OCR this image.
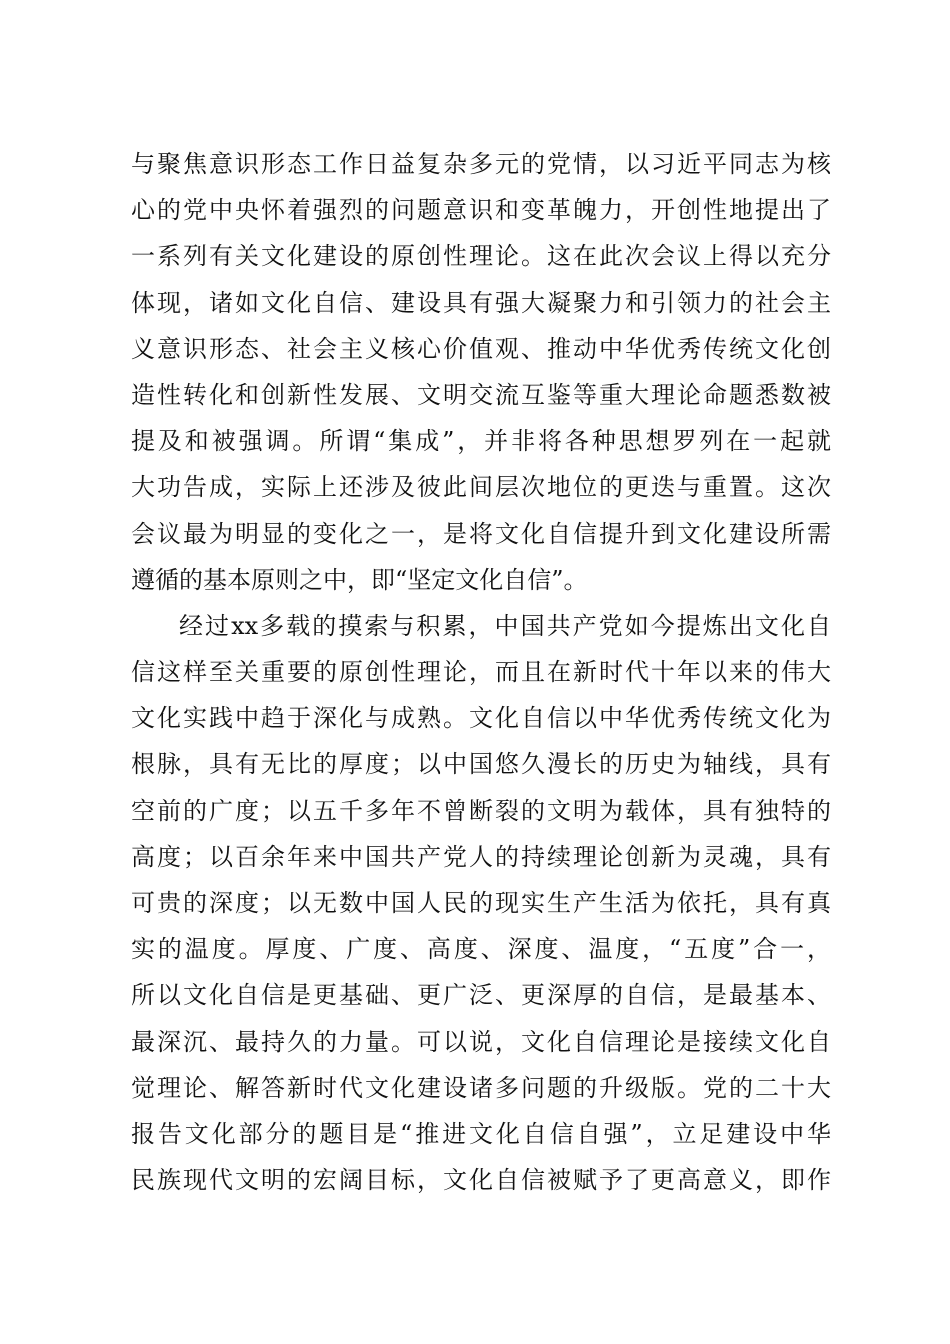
与聚焦意识形态工作日益复杂多元的党情，以习近平同志为核
心的党中央怀着强烈的问题意识和变革魄力，开创性地提出了
一系列有关文化建设的原创性理论。这在此次会议上得以充分
体现，诸如文化自信、建设具有强大凝聚力和引领力的社会主
义意识形态、社会主义核心价值观、推动中华优秀传统文化创
造性转化和创新性发展、文明交流互鉴等重大理论命题悉数被
提及和被强调。所谓“集成”，并非将各种思想罗列在一起就
大功告成，实际上还涉及彼此间层次地位的更迭与重置。这次
会议最为明显的变化之一，是将文化自信提升到文化建设所需
遵循的基本原则之中，即“坚定文化自信”。
经过xx多载的摸索与积累，中国共产党如今提炼出文化自
信这样至关重要的原创性理论，而且在新时代十年以来的伟大
文化实践中趋于深化与成熟。文化自信以中华优秀传统文化为
根脉，具有无比的厚度；以中国悠久漫长的历史为轴线，具有
空前的广度；以五千多年不曾断裂的文明为载体，具有独特的
高度；以百余年来中国共产党人的持续理论创新为灵魂，具有
可贵的深度；以无数中国人民的现实生产生活为依托，具有真
实的温度。厚度、广度、高度、深度、温度，“五度”合一，
所以文化自信是更基础、更广泛、更深厚的自信，是最基本、
最深沉、最持久的力量。可以说，文化自信理论是接续文化自
觉理论、解答新时代文化建设诸多问题的升级版。党的二十大
报告文化部分的题目是“推进文化自信自强”，立足建设中华
民族现代文明的宏阔目标，文化自信被赋予了更高意义，即作
